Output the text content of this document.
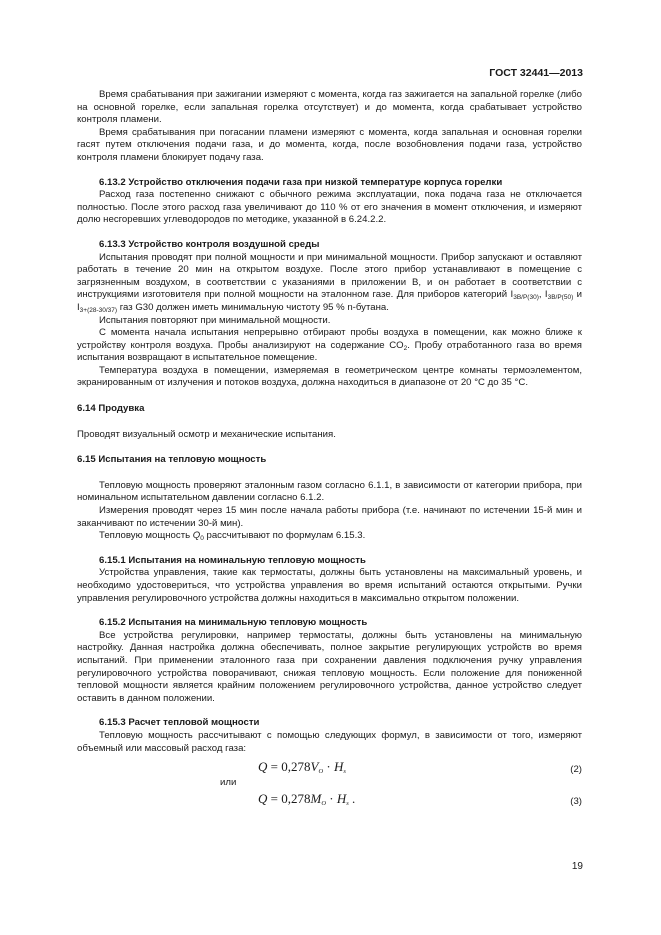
ГОСТ 32441—2013

Время срабатывания при зажигании измеряют с момента, когда газ зажигается на запальной горелке (либо на основной горелке, если запальная горелка отсутствует) и до момента, когда срабатывает устройство контроля пламени.

Время срабатывания при погасании пламени измеряют с момента, когда запальная и основная горелки гасят путем отключения подачи газа, и до момента, когда, после возобновления подачи газа, устройство контроля пламени блокирует подачу газа.

6.13.2 Устройство отключения подачи газа при низкой температуре корпуса горелки

Расход газа постепенно снижают с обычного режима эксплуатации, пока подача газа не отключается полностью. После этого расход газа увеличивают до 110 % от его значения в момент отключения, и измеряют долю несгоревших углеводородов по методике, указанной в 6.24.2.2.

6.13.3 Устройство контроля воздушной среды

Испытания проводят при полной мощности и при минимальной мощности. Прибор запускают и оставляют работать в течение 20 мин на открытом воздухе. После этого прибор устанавливают в помещение с загрязненным воздухом, в соответствии с указаниями в приложении В, и он работает в соответствии с инструкциями изготовителя при полной мощности на эталонном газе. Для приборов категорий $I_{3B/P(30)}$, $I_{3B/P(50)}$ и $I_{3+(28-30/37)}$ газ G30 должен иметь минимальную чистоту 95 % n-бутана.

Испытания повторяют при минимальной мощности.

С момента начала испытания непрерывно отбирают пробы воздуха в помещении, как можно ближе к устройству контроля воздуха. Пробы анализируют на содержание $CO_2$. Пробу отработанного газа во время испытания возвращают в испытательное помещение.

Температура воздуха в помещении, измеряемая в геометрическом центре комнаты термоэлементом, экранированным от излучения и потоков воздуха, должна находиться в диапазоне от 20 °С до 35 °С.

6.14 Продувка

Проводят визуальный осмотр и механические испытания.

6.15 Испытания на тепловую мощность

Тепловую мощность проверяют эталонным газом согласно 6.1.1, в зависимости от категории прибора, при номинальном испытательном давлении согласно 6.1.2.

Измерения проводят через 15 мин после начала работы прибора (т.е. начинают по истечении 15-й мин и заканчивают по истечении 30-й мин).

Тепловую мощность $Q_0$ рассчитывают по формулам 6.15.3.

6.15.1 Испытания на номинальную тепловую мощность

Устройства управления, такие как термостаты, должны быть установлены на максимальный уровень, и необходимо удостовериться, что устройства управления во время испытаний остаются открытыми. Ручки управления регулировочного устройства должны находиться в максимально открытом положении.

6.15.2 Испытания на минимальную тепловую мощность

Все устройства регулировки, например термостаты, должны быть установлены на минимальную настройку. Данная настройка должна обеспечивать, полное закрытие регулирующих устройств во время испытаний. При применении эталонного газа при сохранении давления подключения ручку управления регулировочного устройства поворачивают, снижая тепловую мощность. Если положение для пониженной тепловой мощности является крайним положением регулировочного устройства, данное устройство следует оставить в данном положении.

6.15.3 Расчет тепловой мощности

Тепловую мощность рассчитывают с помощью следующих формул, в зависимости от того, измеряют объемный или массовый расход газа:

$Q = 0,278V_O \cdot H_s$	(2)
или
$Q = 0,278M_O \cdot H_s$ .	(3)
19
